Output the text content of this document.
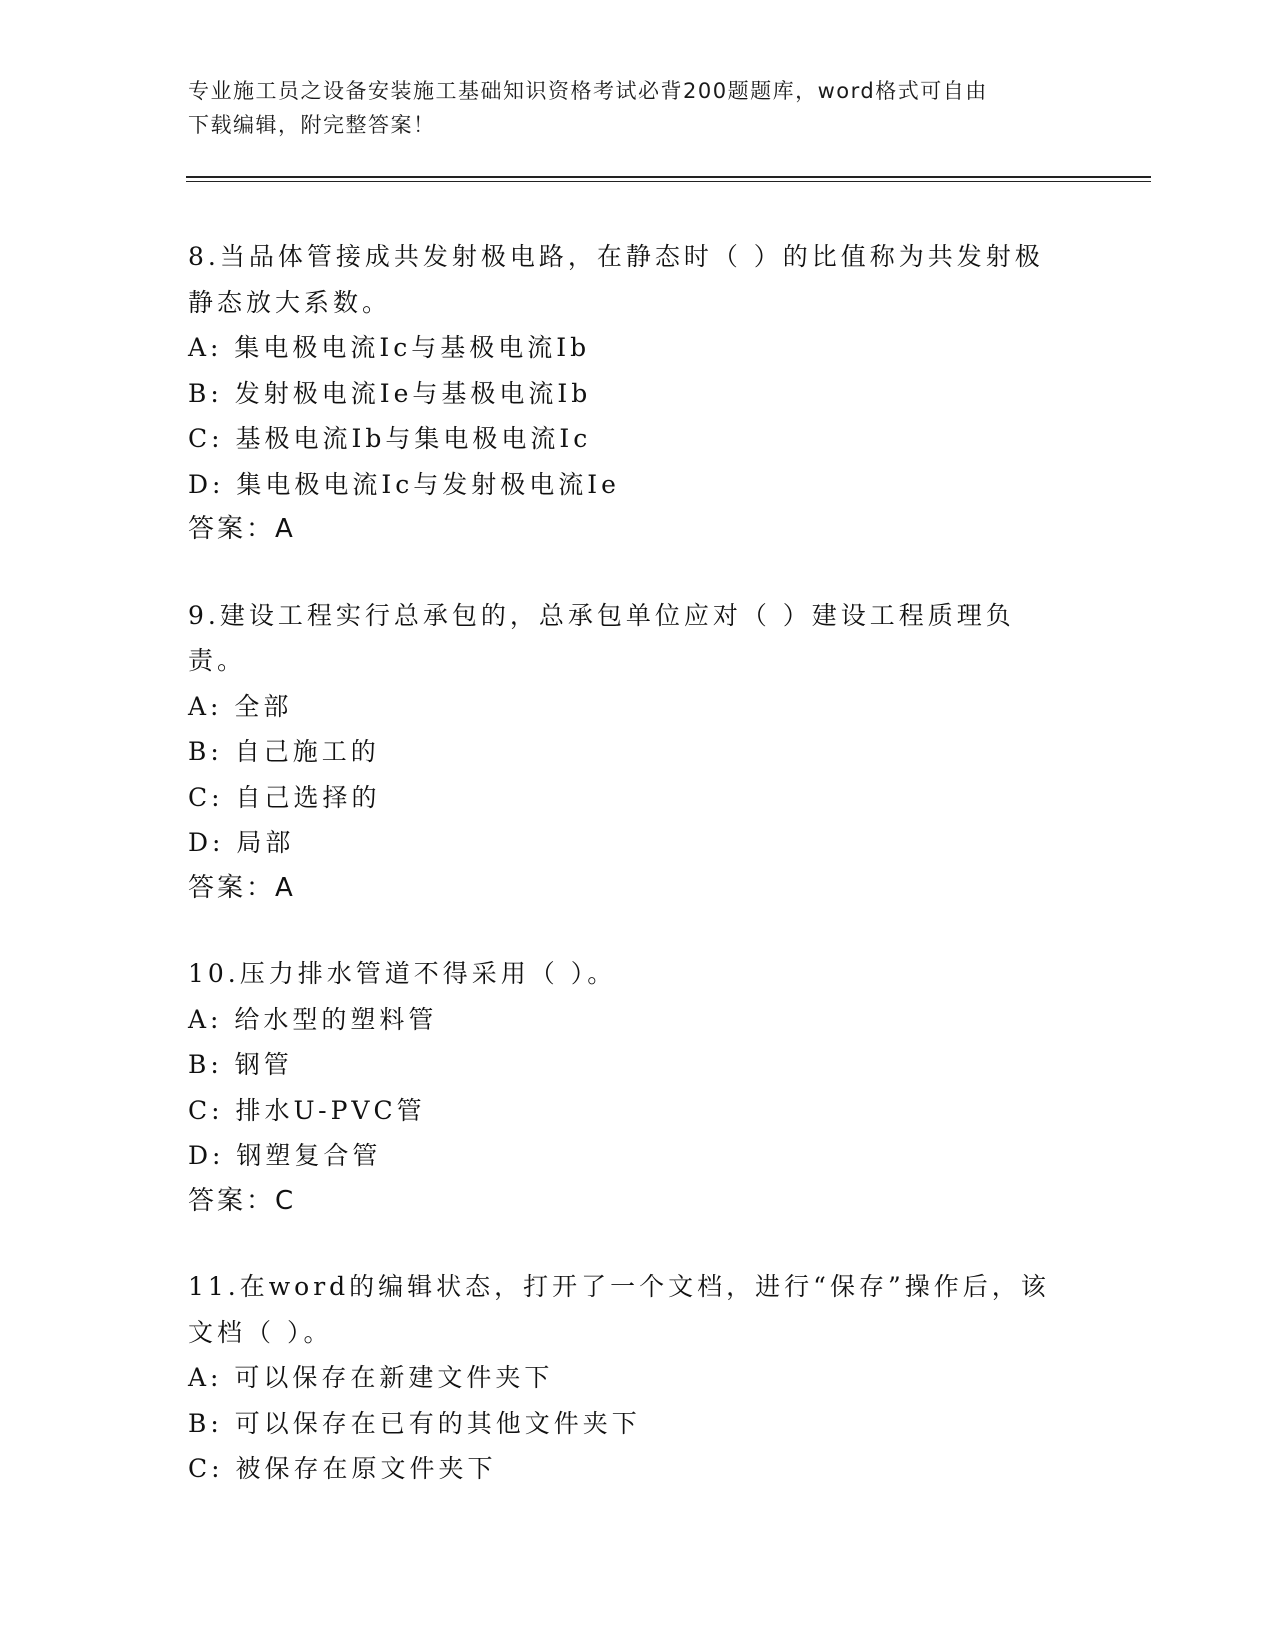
专业施工员之设备安装施工基础知识资格考试必背200题题库，word格式可自由
下载编辑，附完整答案！
8.当品体管接成共发射极电路，在静态时（ ）的比值称为共发射极静态放大系数。
A: 集电极电流Ic与基极电流Ib
B: 发射极电流Ie与基极电流Ib
C: 基极电流Ib与集电极电流Ic
D: 集电极电流Ic与发射极电流Ie
答案：A
9.建设工程实行总承包的，总承包单位应对（ ）建设工程质理负责。
A: 全部
B: 自己施工的
C: 自己选择的
D: 局部
答案：A
10.压力排水管道不得采用（ ）。
A: 给水型的塑料管
B: 钢管
C: 排水U-PVC管
D: 钢塑复合管
答案：C
11.在word的编辑状态，打开了一个文档，进行“保存”操作后，该文档（ ）。
A: 可以保存在新建文件夹下
B: 可以保存在已有的其他文件夹下
C: 被保存在原文件夹下
